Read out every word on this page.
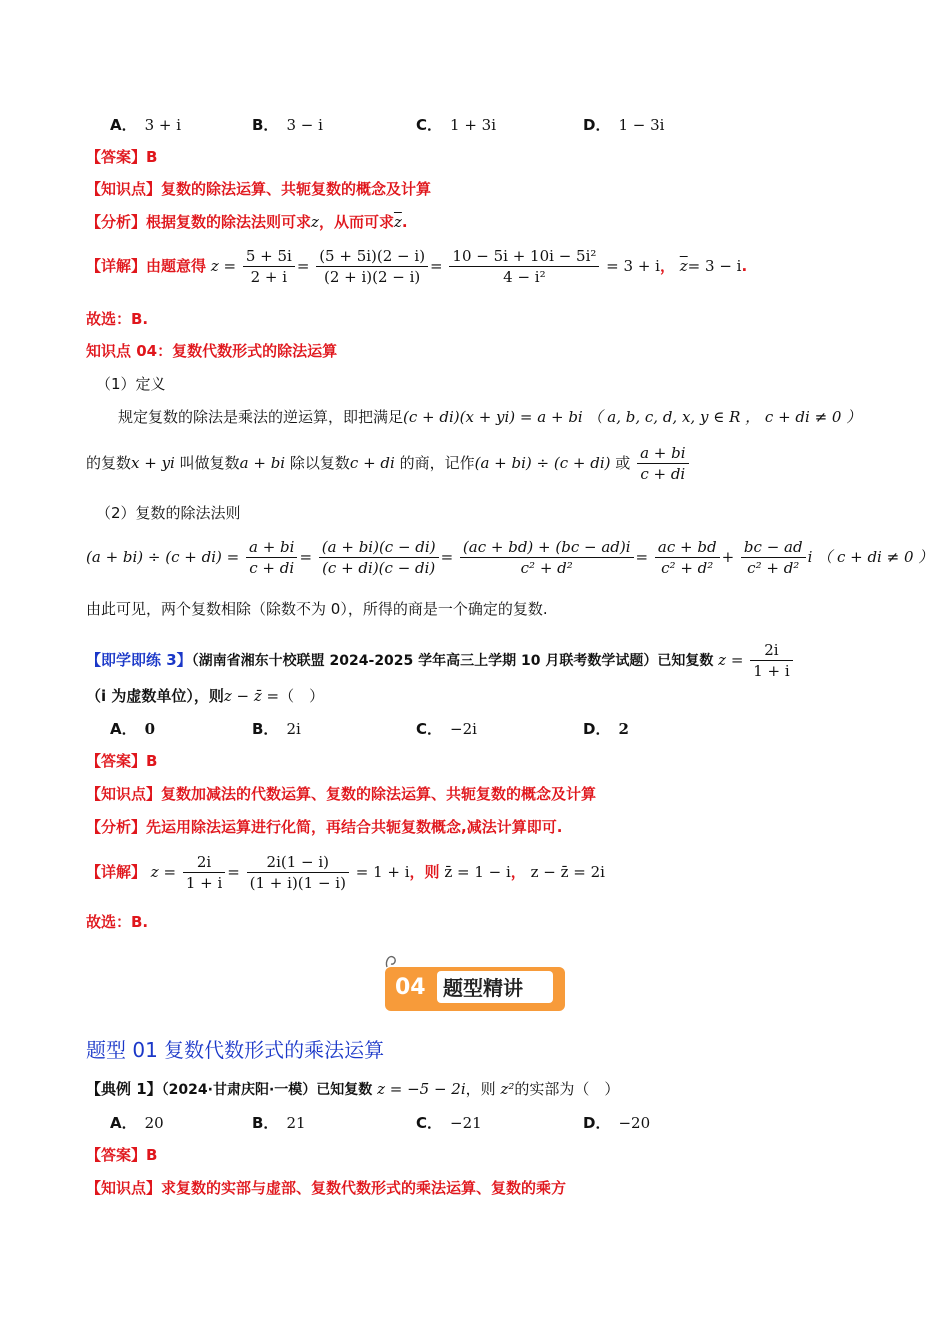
A． 3 + i	B． 3 − i	C． 1 + 3i	D． 1 − 3i
【答案】B
【知识点】复数的除法运算、共轭复数的概念及计算
【分析】根据复数的除法法则可求z，从而可求$\overline{z}$.
【详解】由题意得 $z = \frac{5 + 5i}{2 + i} = \frac{(5 + 5i)(2 - i)}{(2 + i)(2 - i)} = \frac{\text{10 − 5i + 10i − 5i²}}{\text{4 − i²}} = 3 + i$， $\overline{z}= 3 - i$.
故选：B.
知识点 04：复数代数形式的除法运算
（1）定义
规定复数的除法是乘法的逆运算，即把满足(c + di)(x + yi) = a + bi （ a, b, c, d, x, y ∈ R ， c + di ≠ 0 ）
的复数x + yi 叫做复数a + bi 除以复数c + di 的商，记作(a + bi) ÷ (c + di) 或 $\frac{a + bi}{c + di}$
（2）复数的除法法则
$(a + bi) \div (c + di) = \frac{a + bi}{c + di} = \frac{(a + bi)(c - di)}{(c + di)(c - di)} = \frac{(ac + bd) + (bc - ad)i}{\text{c² + d²}} = \frac{ac + bd}{\text{c² + d²}} + \frac{bc - ad}{\text{c² + d²}}$ i （ c + di ≠ 0 ）
由此可见，两个复数相除（除数不为 0），所得的商是一个确定的复数.
【即学即练 3】（湖南省湘东十校联盟 2024-2025 学年高三上学期 10 月联考数学试题）已知复数 $z = \frac{2i}{1 + i}$
（i 为虚数单位），则z − z̄ =（　）
A． 0	B． 2i	C． −2i	D． 2
【答案】B
【知识点】复数加减法的代数运算、复数的除法运算、共轭复数的概念及计算
【分析】先运用除法运算进行化简，再结合共轭复数概念,减法计算即可.
【详解】 $z = \frac{2i}{1 + i} = \frac{2i(1 - i)}{(1 + i)(1 - i)} = 1 + i$，则 z̄ = 1 − i， z − z̄ = 2i
故选：B.
04 题型精讲
题型 01 复数代数形式的乘法运算
【典例 1】（2024·甘肃庆阳·一模）已知复数 z = −5 − 2i，则 z²的实部为（　）
A． 20	B． 21	C． −21	D． −20
【答案】B
【知识点】求复数的实部与虚部、复数代数形式的乘法运算、复数的乘方
